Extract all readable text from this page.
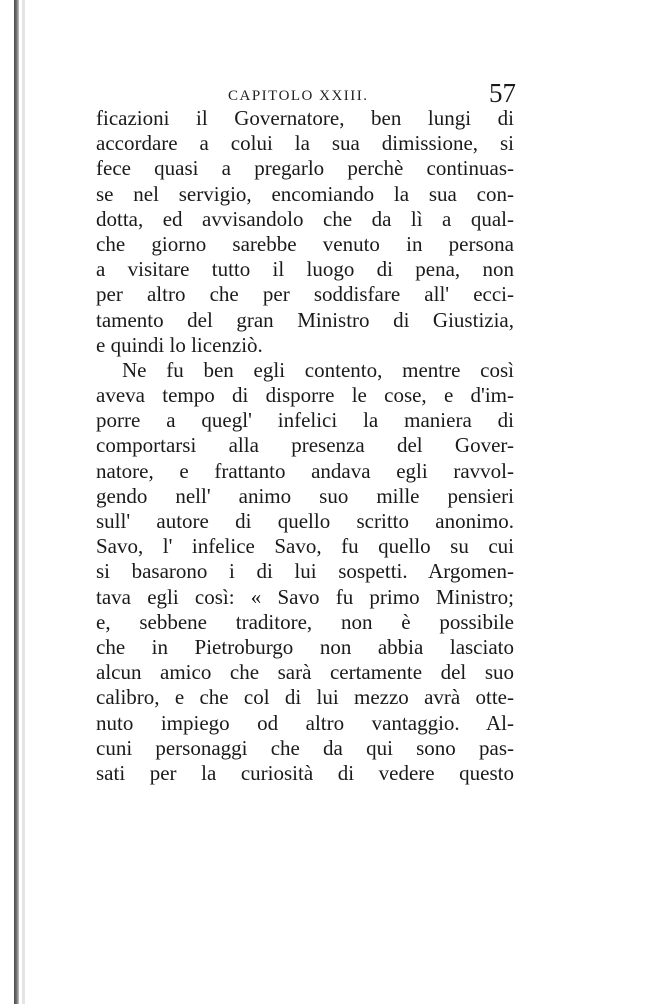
CAPITOLO XXIII.	57
ficazioni il Governatore, ben lungi di
accordare a colui la sua dimissione, si
fece quasi a pregarlo perchè continuas-
se nel servigio, encomiando la sua con-
dotta, ed avvisandolo che da lì a qual-
che giorno sarebbe venuto in persona
a visitare tutto il luogo di pena, non
per altro che per soddisfare all' ecci-
tamento del gran Ministro di Giustizia,
e quindi lo licenziò.
Ne fu ben egli contento, mentre così
aveva tempo di disporre le cose, e d'im-
porre a quegl' infelici la maniera di
comportarsi alla presenza del Gover-
natore, e frattanto andava egli ravvol-
gendo nell' animo suo mille pensieri
sull' autore di quello scritto anonimo.
Savo, l' infelice Savo, fu quello su cui
si basarono i di lui sospetti. Argomen-
tava egli così: « Savo fu primo Ministro;
e, sebbene traditore, non è possibile
che in Pietroburgo non abbia lasciato
alcun amico che sarà certamente del suo
calibro, e che col di lui mezzo avrà otte-
nuto impiego od altro vantaggio. Al-
cuni personaggi che da qui sono pas-
sati per la curiosità di vedere questo
